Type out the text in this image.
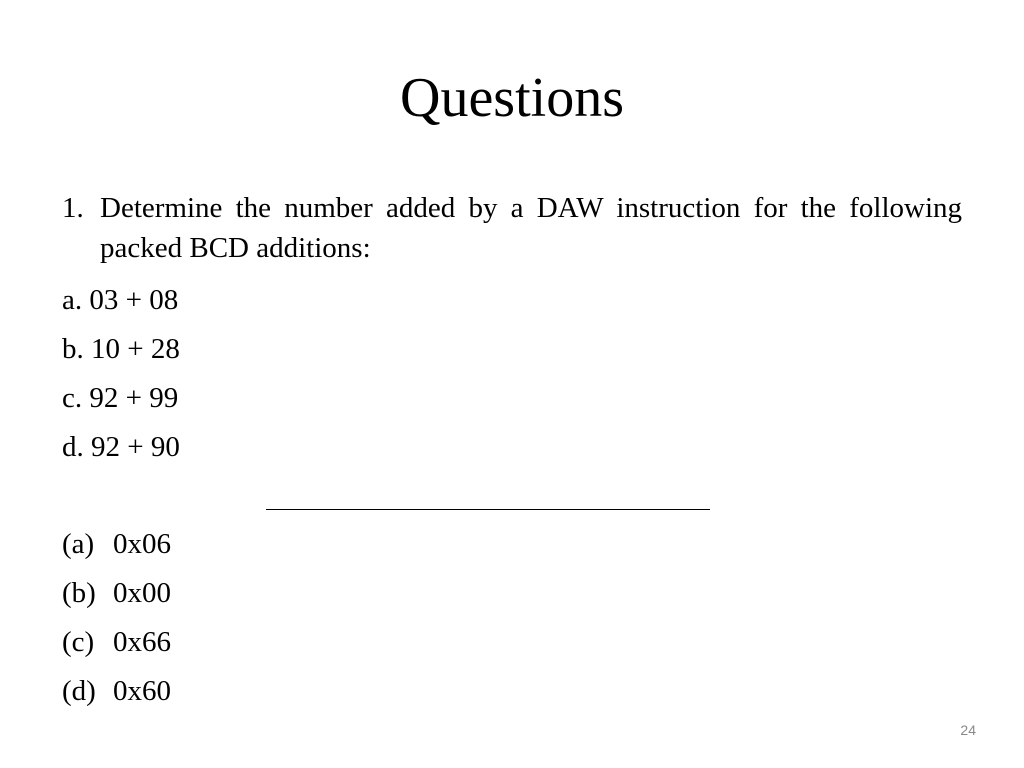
Questions

1. Determine the number added by a DAW instruction for the following packed BCD additions:

a. 03 + 08
b. 10 + 28
c. 92 + 99
d. 92 + 90
(a) 0x06
(b) 0x00
(c) 0x66
(d) 0x60
24
